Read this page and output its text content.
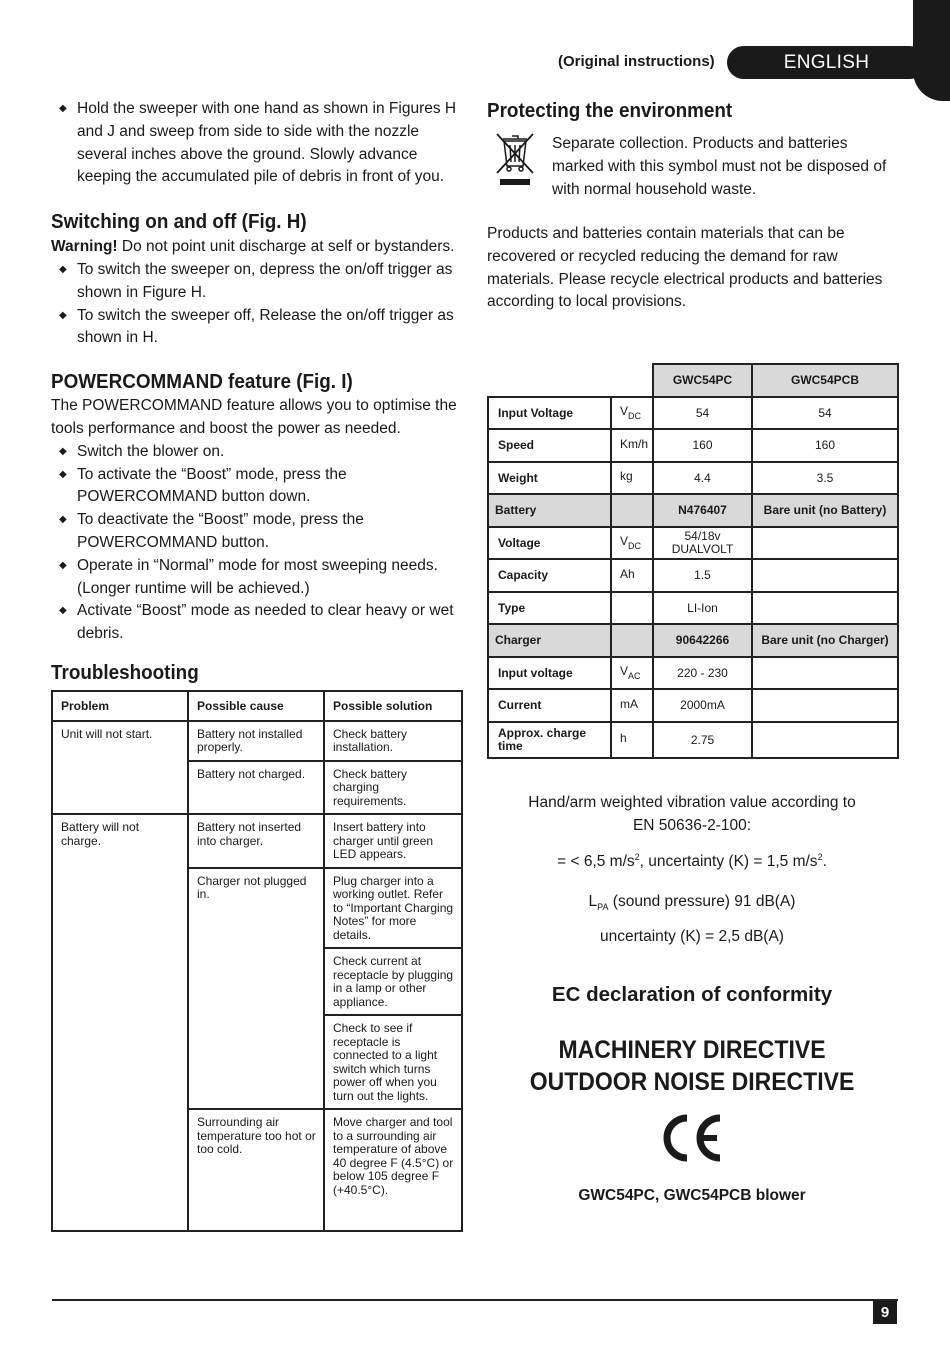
(Original instructions)	ENGLISH
◆ Hold the sweeper with one hand as shown in Figures H and J and sweep from side to side with the nozzle several inches above the ground. Slowly advance keeping the accumulated pile of debris in front of you.
Switching on and off (Fig. H)
Warning! Do not point unit discharge at self or bystanders.
◆ To switch the sweeper on, depress the on/off trigger as shown in Figure H.
◆ To switch the sweeper off, Release the on/off trigger as shown in H.
POWERCOMMAND feature (Fig. I)
The POWERCOMMAND feature allows you to optimise the tools performance and boost the power as needed.
◆ Switch the blower on.
◆ To activate the “Boost” mode, press the POWERCOMMAND button down.
◆ To deactivate the “Boost” mode, press the POWERCOMMAND button.
◆ Operate in “Normal” mode for most sweeping needs. (Longer runtime will be achieved.)
◆ Activate “Boost” mode as needed to clear heavy or wet debris.
Troubleshooting
Problem	Possible cause	Possible solution
Unit will not start.	Battery not installed properly.	Check battery installation.
	Battery not charged.	Check battery charging requirements.
Battery will not charge.	Battery not inserted into charger.	Insert battery into charger until green LED appears.
	Charger not plugged in.	Plug charger into a working outlet. Refer to “Important Charging Notes” for more details.
		Check current at receptacle by plugging in a lamp or other appliance.
		Check to see if receptacle is connected to a light switch which turns power off when you turn out the lights.
	Surrounding air temperature too hot or too cold.	Move charger and tool to a surrounding air temperature of above 40 degree F (4.5°C) or below 105 degree F (+40.5°C).
Protecting the environment
Separate collection. Products and batteries marked with this symbol must not be disposed of with normal household waste.
Products and batteries contain materials that can be recovered or recycled reducing the demand for raw materials. Please recycle electrical products and batteries according to local provisions.
		GWC54PC	GWC54PCB
Input Voltage	$V_{DC}$	54	54
Speed	Km/h	160	160
Weight	kg	4.4	3.5
Battery		N476407	Bare unit (no Battery)
Voltage	$V_{DC}$	54/18v DUALVOLT	
Capacity	Ah	1.5	
Type		LI-Ion	
Charger		90642266	Bare unit (no Charger)
Input voltage	$V_{AC}$	220 - 230	
Current	mA	2000mA	
Approx. charge time	h	2.75	
Hand/arm weighted vibration value according to
EN 50636-2-100:
= < 6,5 $m/s^2$, uncertainty (K) = 1,5 $m/s^2$.
$L_{PA}$ (sound pressure) 91 dB(A)
uncertainty (K) = 2,5 dB(A)
EC declaration of conformity
MACHINERY DIRECTIVE
OUTDOOR NOISE DIRECTIVE
GWC54PC, GWC54PCB blower
9
